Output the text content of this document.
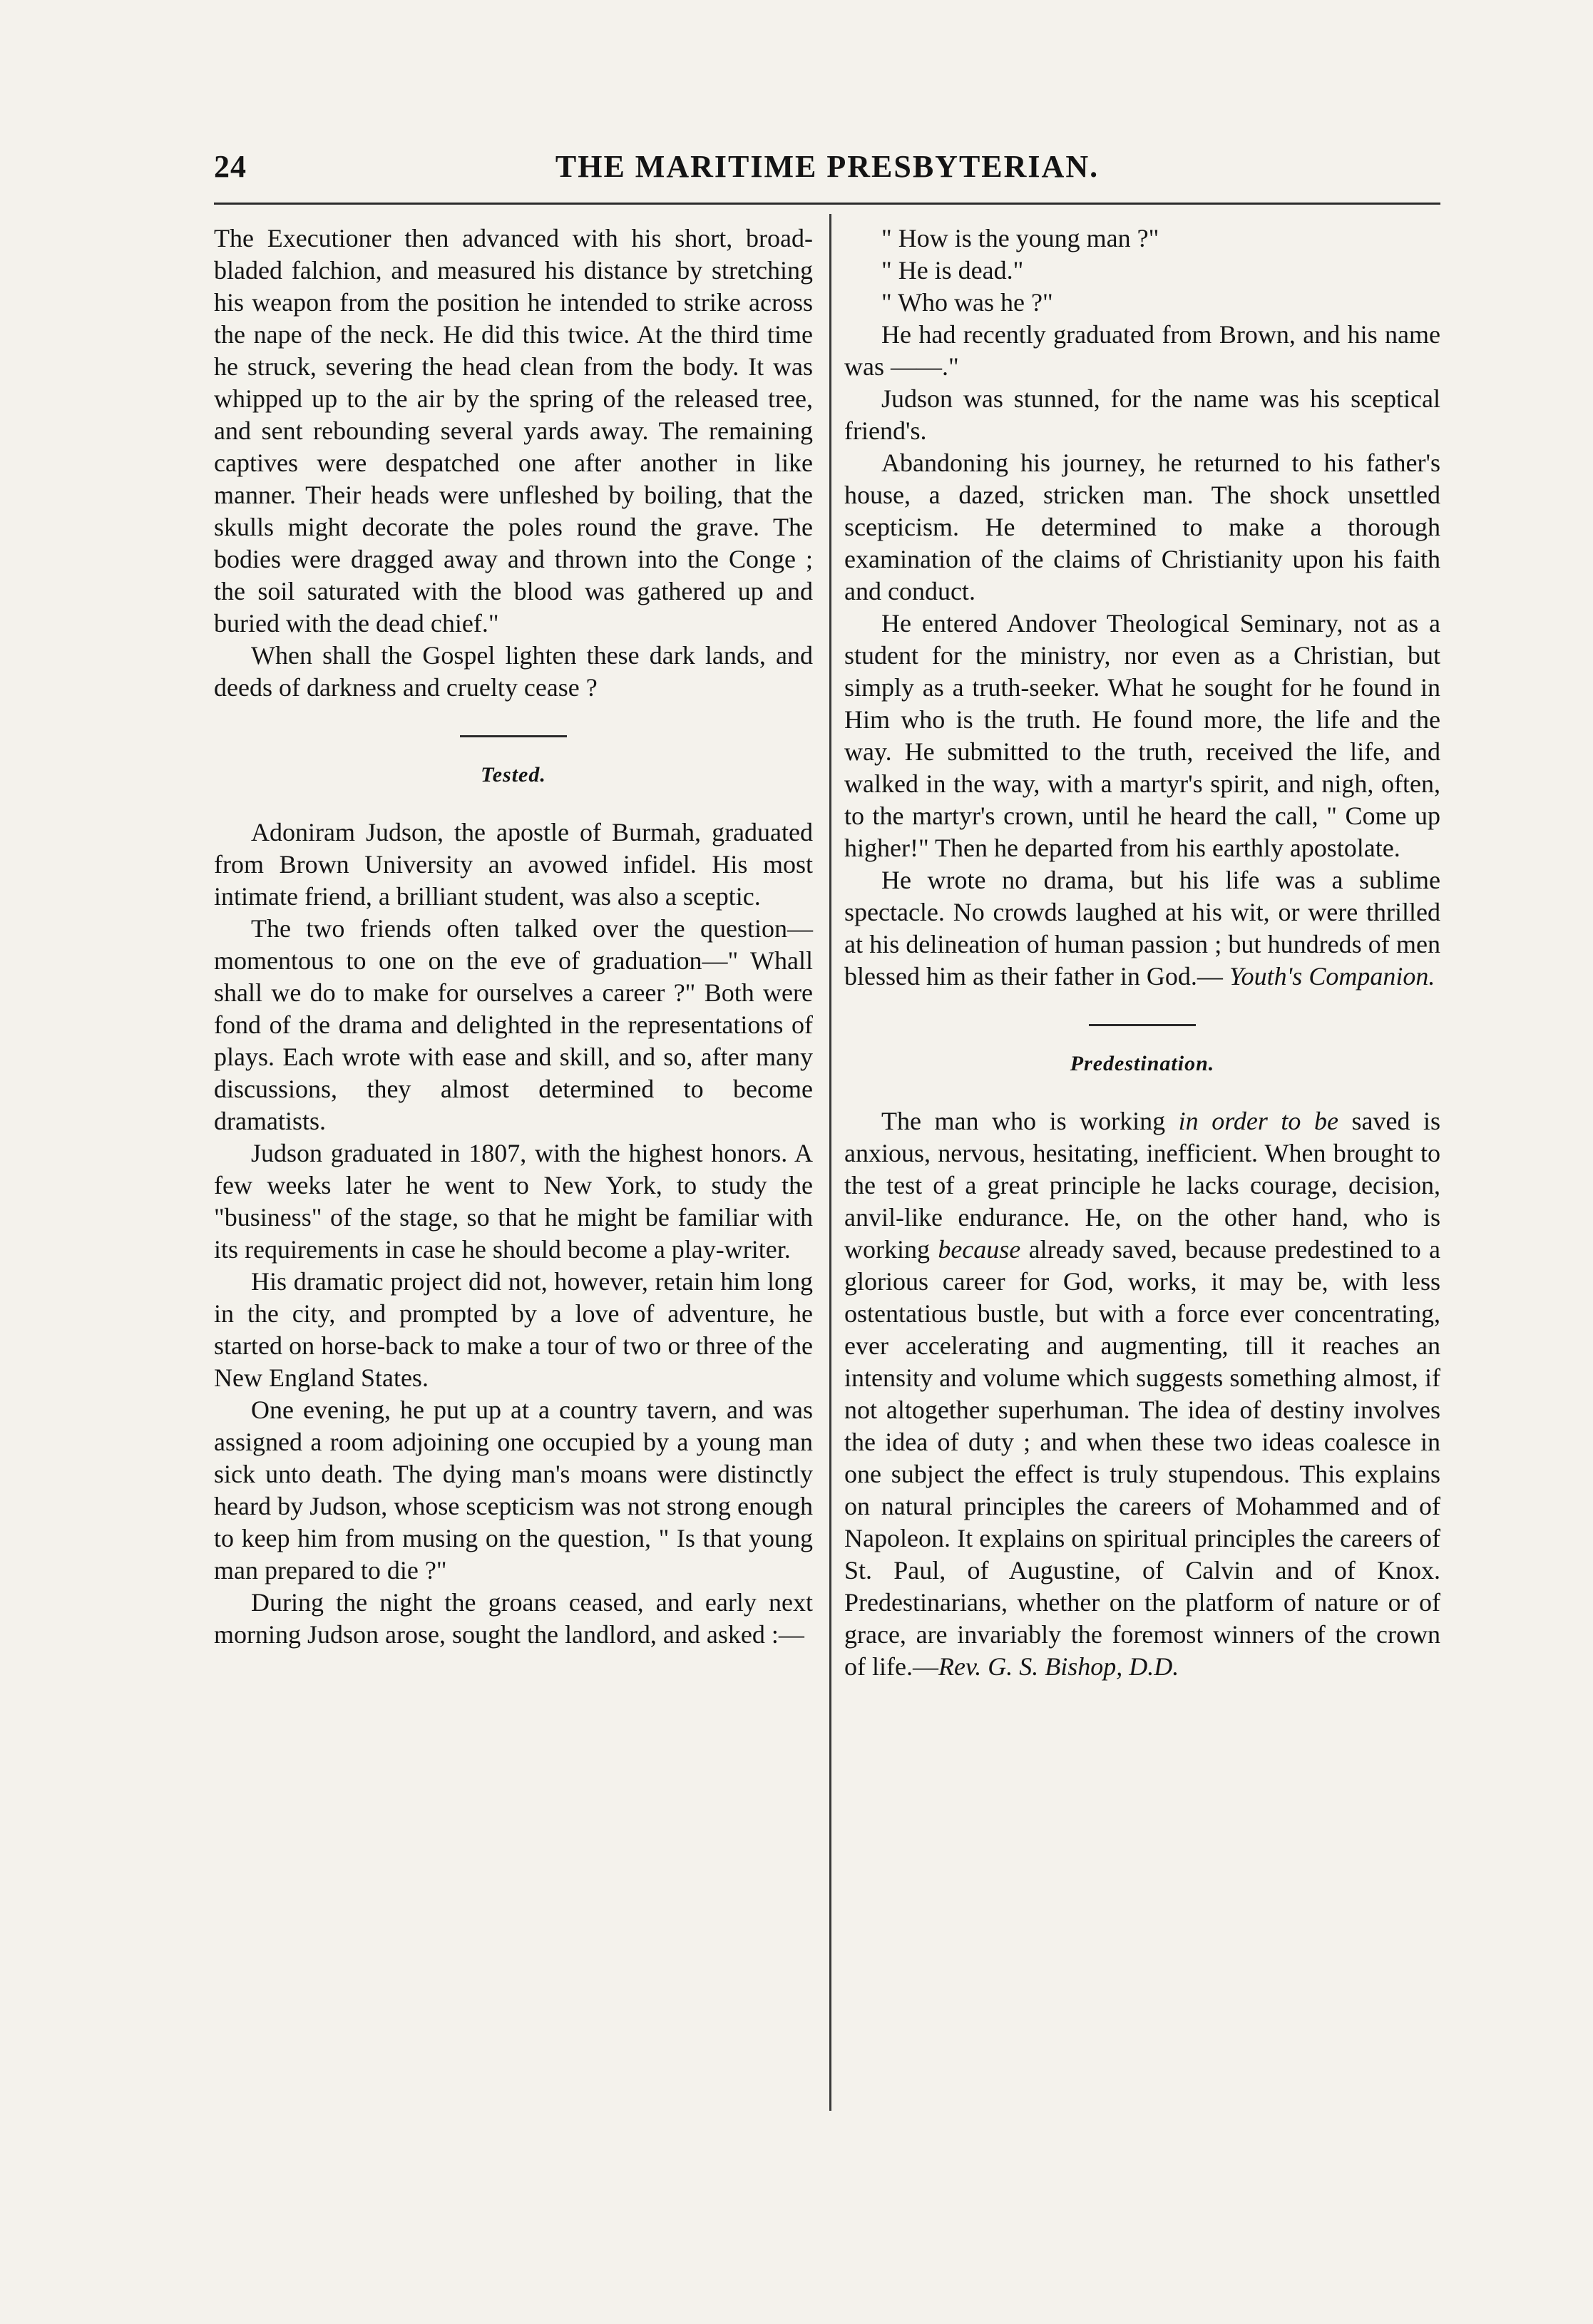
24	THE MARITIME PRESBYTERIAN.

The Executioner then advanced with his short, broad-bladed falchion, and measured his distance by stretching his weapon from the position he intended to strike across the nape of the neck. He did this twice. At the third time he struck, severing the head clean from the body. It was whipped up to the air by the spring of the released tree, and sent rebounding several yards away. The remaining captives were despatched one after another in like manner. Their heads were unfleshed by boiling, that the skulls might decorate the poles round the grave. The bodies were dragged away and thrown into the Conge ; the soil saturated with the blood was gathered up and buried with the dead chief."

When shall the Gospel lighten these dark lands, and deeds of darkness and cruelty cease ?

Tested.

Adoniram Judson, the apostle of Burmah, graduated from Brown University an avowed infidel. His most intimate friend, a brilliant student, was also a sceptic.

The two friends often talked over the question—momentous to one on the eve of graduation—" Whall shall we do to make for ourselves a career ?" Both were fond of the drama and delighted in the representations of plays. Each wrote with ease and skill, and so, after many discussions, they almost determined to become dramatists.

Judson graduated in 1807, with the highest honors. A few weeks later he went to New York, to study the "business" of the stage, so that he might be familiar with its requirements in case he should become a play-writer.

His dramatic project did not, however, retain him long in the city, and prompted by a love of adventure, he started on horse-back to make a tour of two or three of the New England States.

One evening, he put up at a country tavern, and was assigned a room adjoining one occupied by a young man sick unto death. The dying man's moans were distinctly heard by Judson, whose scepticism was not strong enough to keep him from musing on the question, " Is that young man prepared to die ?"

During the night the groans ceased, and early next morning Judson arose, sought the landlord, and asked :—

" How is the young man ?"

" He is dead."

" Who was he ?"

He had recently graduated from Brown, and his name was ——."

Judson was stunned, for the name was his sceptical friend's.

Abandoning his journey, he returned to his father's house, a dazed, stricken man. The shock unsettled scepticism. He determined to make a thorough examination of the claims of Christianity upon his faith and conduct.

He entered Andover Theological Seminary, not as a student for the ministry, nor even as a Christian, but simply as a truth-seeker. What he sought for he found in Him who is the truth. He found more, the life and the way. He submitted to the truth, received the life, and walked in the way, with a martyr's spirit, and nigh, often, to the martyr's crown, until he heard the call, " Come up higher!" Then he departed from his earthly apostolate.

He wrote no drama, but his life was a sublime spectacle. No crowds laughed at his wit, or were thrilled at his delineation of human passion ; but hundreds of men blessed him as their father in God.— Youth's Companion.

Predestination.

The man who is working in order to be saved is anxious, nervous, hesitating, inefficient. When brought to the test of a great principle he lacks courage, decision, anvil-like endurance. He, on the other hand, who is working because already saved, because predestined to a glorious career for God, works, it may be, with less ostentatious bustle, but with a force ever concentrating, ever accelerating and augmenting, till it reaches an intensity and volume which suggests something almost, if not altogether superhuman. The idea of destiny involves the idea of duty ; and when these two ideas coalesce in one subject the effect is truly stupendous. This explains on natural principles the careers of Mohammed and of Napoleon. It explains on spiritual principles the careers of St. Paul, of Augustine, of Calvin and of Knox. Predestinarians, whether on the platform of nature or of grace, are invariably the foremost winners of the crown of life.—Rev. G. S. Bishop, D.D.
